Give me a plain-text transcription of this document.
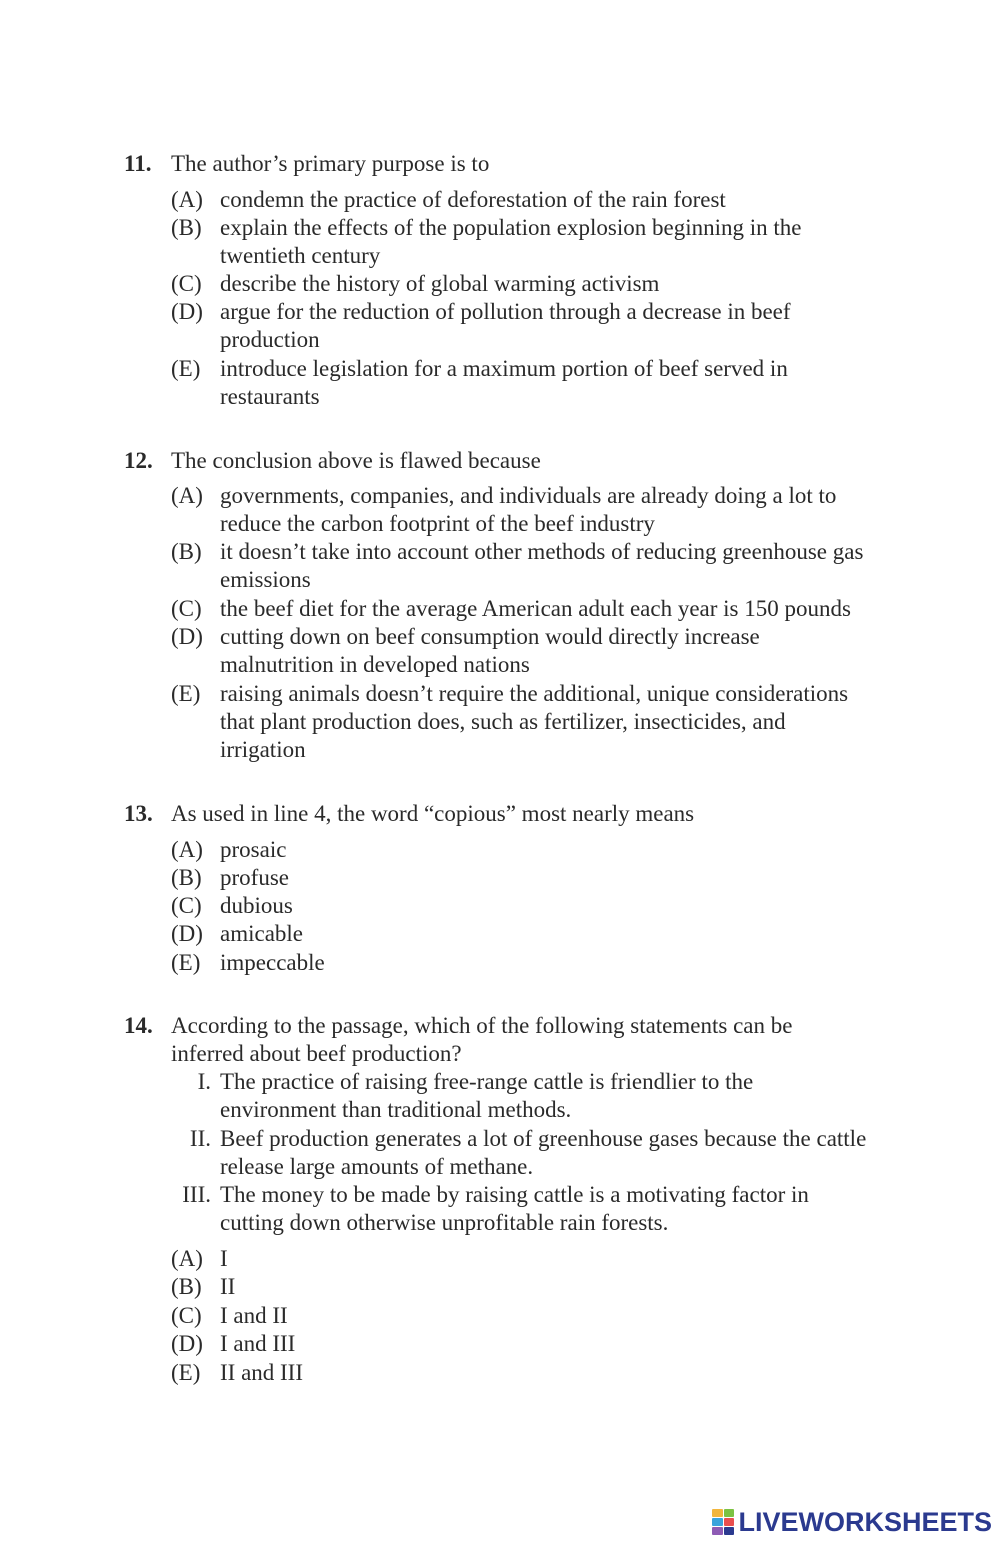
11. The author’s primary purpose is to
(A) condemn the practice of deforestation of the rain forest
(B) explain the effects of the population explosion beginning in the
twentieth century
(C) describe the history of global warming activism
(D) argue for the reduction of pollution through a decrease in beef
production
(E) introduce legislation for a maximum portion of beef served in
restaurants
12. The conclusion above is flawed because
(A) governments, companies, and individuals are already doing a lot to
reduce the carbon footprint of the beef industry
(B) it doesn’t take into account other methods of reducing greenhouse gas
emissions
(C) the beef diet for the average American adult each year is 150 pounds
(D) cutting down on beef consumption would directly increase
malnutrition in developed nations
(E) raising animals doesn’t require the additional, unique considerations
that plant production does, such as fertilizer, insecticides, and
irrigation
13. As used in line 4, the word “copious” most nearly means
(A) prosaic
(B) profuse
(C) dubious
(D) amicable
(E) impeccable
14. According to the passage, which of the following statements can be
inferred about beef production?
I. The practice of raising free-range cattle is friendlier to the
environment than traditional methods.
II. Beef production generates a lot of greenhouse gases because the cattle
release large amounts of methane.
III. The money to be made by raising cattle is a motivating factor in
cutting down otherwise unprofitable rain forests.
(A) I
(B) II
(C) I and II
(D) I and III
(E) II and III
LIVEWORKSHEETS
